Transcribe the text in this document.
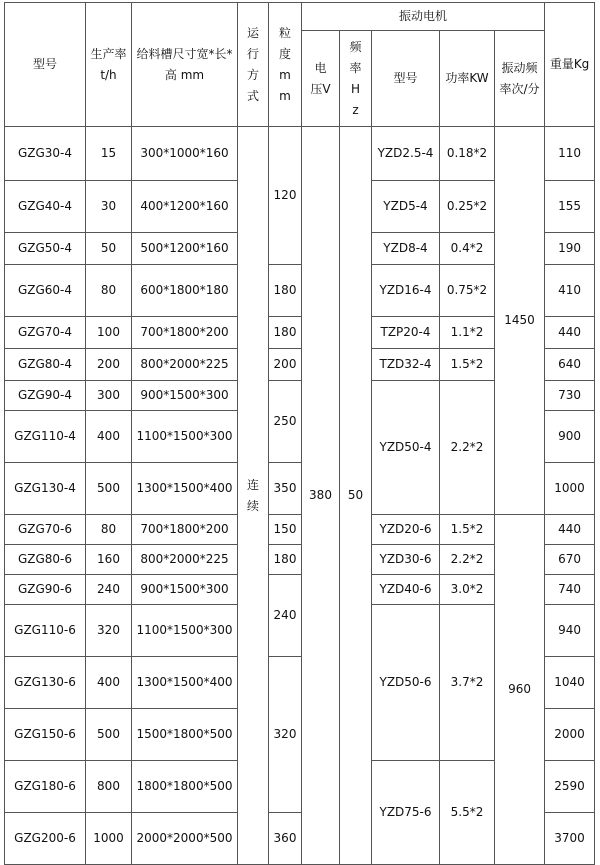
型号	生产率t/h	给料槽尺寸宽*长*高 mm	运行方式	粒度mm	振动电机					重量Kg
					电压V	频率Hz	型号	功率KW	振动频率次/分	
GZG30-4	15	300*1000*160	连续	120	380	50	YZD2.5-4	0.18*2	1450	110
GZG40-4	30	400*1200*160					YZD5-4	0.25*2		155
GZG50-4	50	500*1200*160					YZD8-4	0.4*2		190
GZG60-4	80	600*1800*180		180			YZD16-4	0.75*2		410
GZG70-4	100	700*1800*200		180			TZP20-4	1.1*2		440
GZG80-4	200	800*2000*225		200			TZD32-4	1.5*2		640
GZG90-4	300	900*1500*300		250			YZD50-4	2.2*2		730
GZG110-4	400	1100*1500*300								900
GZG130-4	500	1300*1500*400		350						1000
GZG70-6	80	700*1800*200		150			YZD20-6	1.5*2	960	440
GZG80-6	160	800*2000*225		180			YZD30-6	2.2*2		670
GZG90-6	240	900*1500*300		240			YZD40-6	3.0*2		740
GZG110-6	320	1100*1500*300					YZD50-6	3.7*2		940
GZG130-6	400	1300*1500*400		320						1040
GZG150-6	500	1500*1800*500								2000
GZG180-6	800	1800*1800*500					YZD75-6	5.5*2		2590
GZG200-6	1000	2000*2000*500		360						3700
